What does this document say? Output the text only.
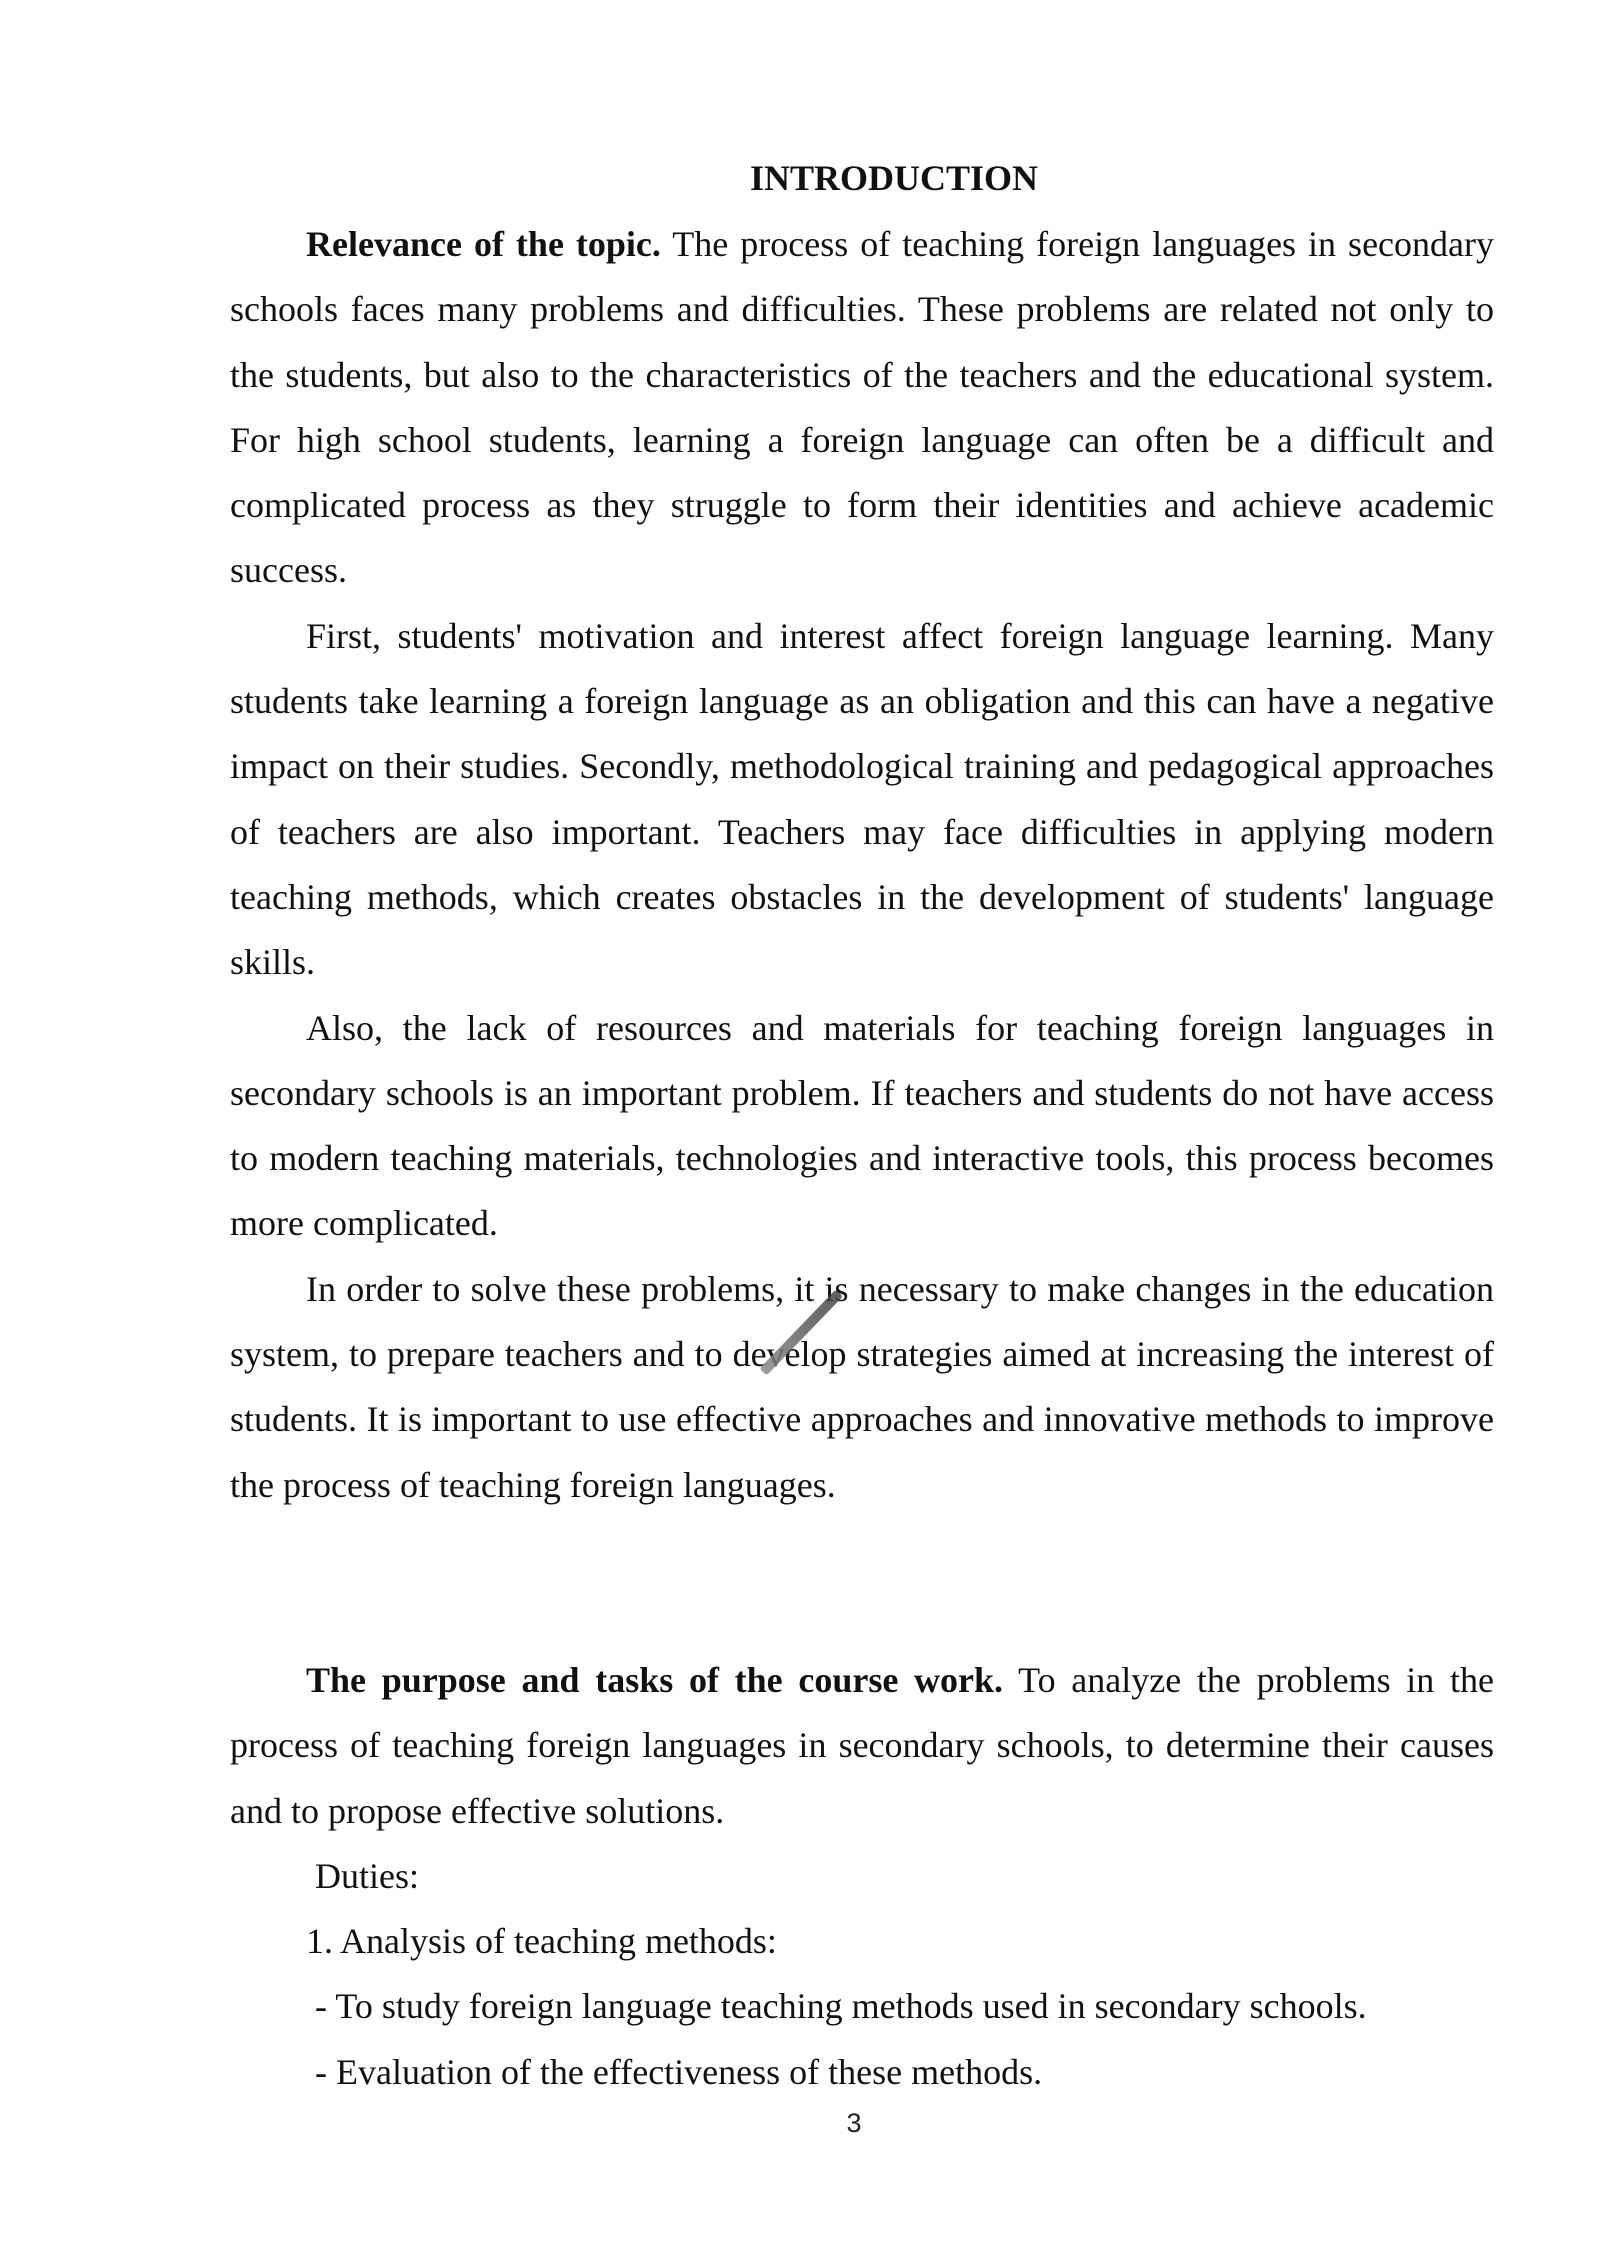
INTRODUCTION

Relevance of the topic. The process of teaching foreign languages in secondary schools faces many problems and difficulties. These problems are related not only to the students, but also to the characteristics of the teachers and the educational system. For high school students, learning a foreign language can often be a difficult and complicated process as they struggle to form their identities and achieve academic success.

First, students' motivation and interest affect foreign language learning. Many students take learning a foreign language as an obligation and this can have a negative impact on their studies. Secondly, methodological training and pedagogical approaches of teachers are also important. Teachers may face difficulties in applying modern teaching methods, which creates obstacles in the development of students' language skills.

Also, the lack of resources and materials for teaching foreign languages in secondary schools is an important problem. If teachers and students do not have access to modern teaching materials, technologies and interactive tools, this process becomes more complicated.

In order to solve these problems, it is necessary to make changes in the education system, to prepare teachers and to develop strategies aimed at increasing the interest of students. It is important to use effective approaches and innovative methods to improve the process of teaching foreign languages.

The purpose and tasks of the course work. To analyze the problems in the process of teaching foreign languages in secondary schools, to determine their causes and to propose effective solutions.

Duties:

1. Analysis of teaching methods:

- To study foreign language teaching methods used in secondary schools.

- Evaluation of the effectiveness of these methods.

3
